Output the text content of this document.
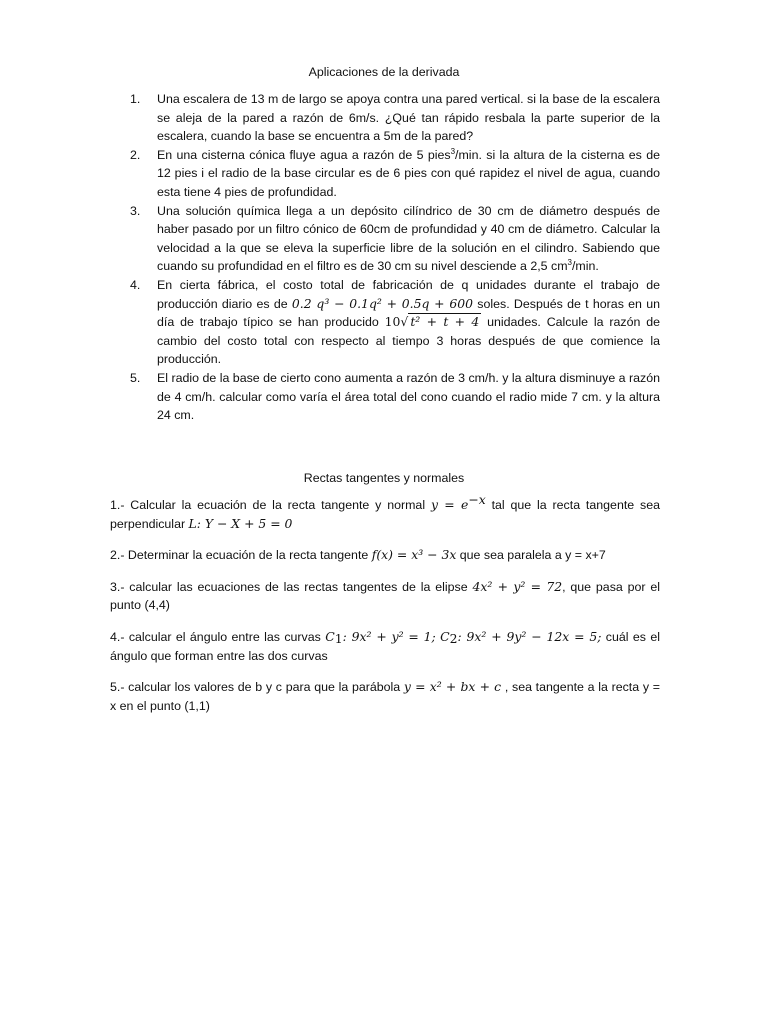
Aplicaciones de la derivada
1.	Una escalera de 13 m de largo se apoya contra una pared vertical. si la base de la escalera se aleja de la pared a razón de 6m/s. ¿Qué tan rápido resbala la parte superior de la escalera, cuando la base se encuentra a 5m de la pared?
2.	En una cisterna cónica fluye agua a razón de 5 pies$^3$/min. si la altura de la cisterna es de 12 pies i el radio de la base circular es de 6 pies con qué rapidez el nivel de agua, cuando esta tiene 4 pies de profundidad.
3.	Una solución química llega a un depósito cilíndrico de 30 cm de diámetro después de haber pasado por un filtro cónico de 60cm de profundidad y 40 cm de diámetro. Calcular la velocidad a la que se eleva la superficie libre de la solución en el cilindro. Sabiendo que cuando su profundidad en el filtro es de 30 cm su nivel desciende a 2,5 $cm^3/\min$.
4.	En cierta fábrica, el costo total de fabricación de q unidades durante el trabajo de producción diario es de 0.2 q³ − 0.1q² + 0.5q + 600 soles. Después de t horas en un día de trabajo típico se han producido 10√ t² + t + 4 unidades. Calcule la razón de cambio del costo total con respecto al tiempo 3 horas después de que comience la producción.
5.	El radio de la base de cierto cono aumenta a razón de 3 cm/h. y la altura disminuye a razón de 4 cm/h. calcular como varía el área total del cono cuando el radio mide 7 cm. y la altura 24 cm.
Rectas tangentes y normales

1.- Calcular la ecuación de la recta tangente y normal $y = e^{-x}$ tal que la recta tangente sea perpendicular L: Y − X + 5 = 0

2.- Determinar la ecuación de la recta tangente f(x) = x³ − 3x que sea paralela a y = x+7

3.- calcular las ecuaciones de las rectas tangentes de la elipse 4x² + y² = 72, que pasa por el punto (4,4)

4.- calcular el ángulo entre las curvas $C_1$: 9x² + y² = 1; $C_2$: 9x² + 9y² − 12x = 5; cuál es el ángulo que forman entre las dos curvas

5.- calcular los valores de b y c para que la parábola y = x² + bx + c , sea tangente a la recta y = x en el punto (1,1)
